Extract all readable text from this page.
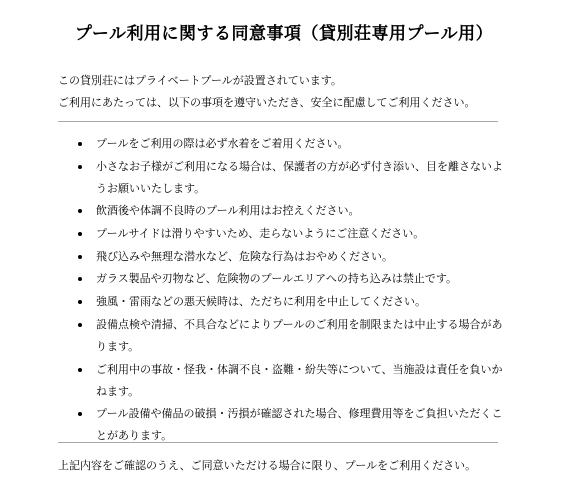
プール利用に関する同意事項（貸別荘専用プール用）

この貸別荘にはプライベートプールが設置されています。

ご利用にあたっては、以下の事項を遵守いただき、安全に配慮してご利用ください。

プールをご利用の際は必ず水着をご着用ください。
小さなお子様がご利用になる場合は、保護者の方が必ず付き添い、目を離さないようお願いいたします。
飲酒後や体調不良時のプール利用はお控えください。
プールサイドは滑りやすいため、走らないようにご注意ください。
飛び込みや無理な潜水など、危険な行為はおやめください。
ガラス製品や刃物など、危険物のプールエリアへの持ち込みは禁止です。
強風・雷雨などの悪天候時は、ただちに利用を中止してください。
設備点検や清掃、不具合などによりプールのご利用を制限または中止する場合があります。
ご利用中の事故・怪我・体調不良・盗難・紛失等について、当施設は責任を負いかねます。
プール設備や備品の破損・汚損が確認された場合、修理費用等をご負担いただくことがあります。

上記内容をご確認のうえ、ご同意いただける場合に限り、プールをご利用ください。
